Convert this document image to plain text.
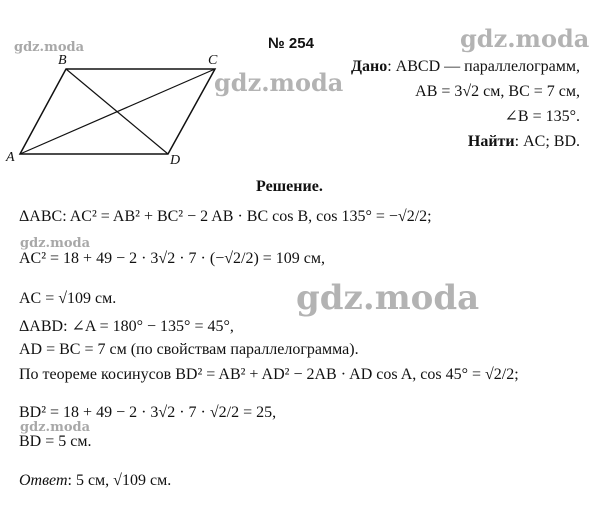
gdz.moda
gdz.moda
gdz.moda
gdz.moda
gdz.moda
gdz.moda
№ 254
A
B	C
D
Дано: ABCD — параллелограмм,
AB = 3√2 см, BC = 7 см,
∠B = 135°.
Найти: AC; BD.
Решение.
ΔABC: AC² = AB² + BC² − 2 AB · BC cos B, cos 135° = −√2/2;
AC² = 18 + 49 − 2 · 3√2 · 7 · (−√2/2) = 109 см,
AC = √109 см.
ΔABD: ∠A = 180° − 135° = 45°,
AD = BC = 7 см (по свойствам параллелограмма).
По теореме косинусов BD² = AB² + AD² − 2AB · AD cos A, cos 45° = √2/2;
BD² = 18 + 49 − 2 · 3√2 · 7 · √2/2 = 25,
BD = 5 см.
Ответ: 5 см, √109 см.
